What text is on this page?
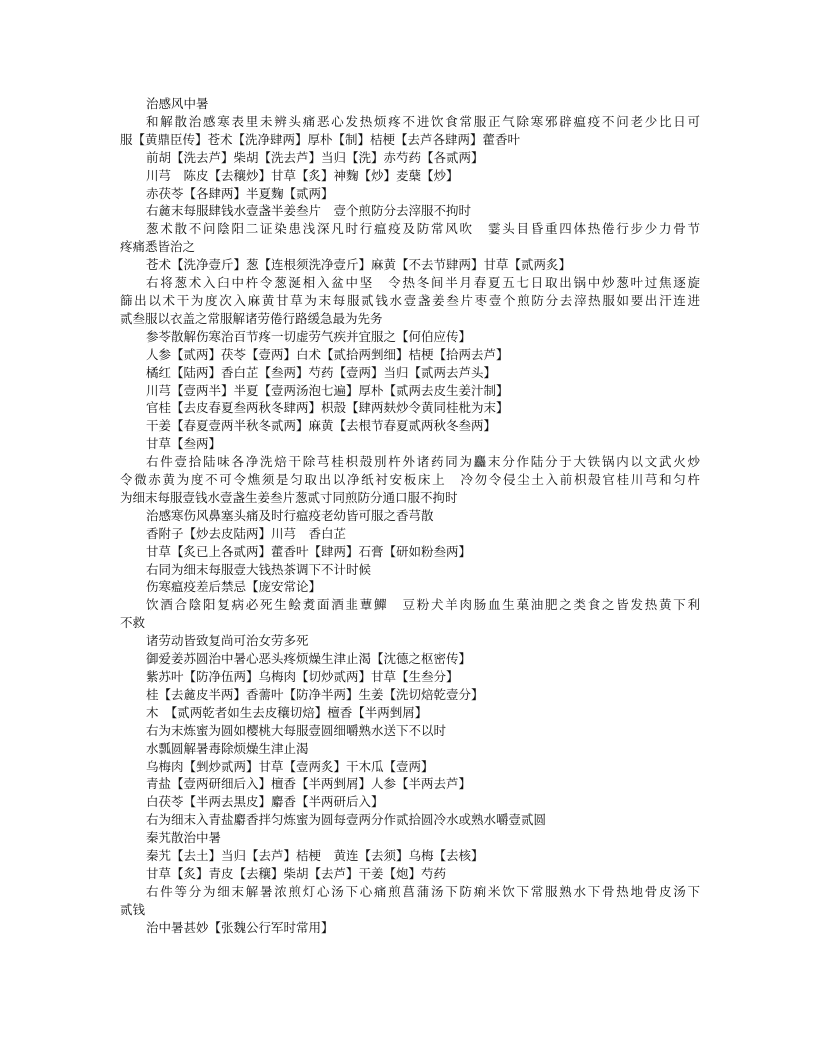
治感风中暑

和解散治感寒表里未辨头痛恶心发热烦疼不进饮食常服正气除寒邪辟瘟疫不问老少比日可

服【黄鼎臣传】苍术【洗净肆两】厚朴【制】桔梗【去芦各肆两】藿香叶

前胡【洗去芦】柴胡【洗去芦】当归【洗】赤芍药【各贰两】

川芎　陈皮【去穰炒】甘草【炙】神麴【炒】麦蘖【炒】

赤茯苓【各肆两】半夏麴【贰两】

右麄末每服肆钱水壹盏半姜叁片　壹个煎防分去滓服不拘时

葱术散不问陰阳二证染患浅深凡时行瘟疫及防常风吹　霎头目昏重四体热倦行步少力骨节

疼痛悉皆治之

苍术【洗净壹斤】葱【连根须洗净壹斤】麻黄【不去节肆两】甘草【贰两炙】

右将葱术入臼中杵令葱涎相入盆中坚　令热冬间半月春夏五七日取出锅中炒葱叶过焦逐旋

篩出以术干为度次入麻黄甘草为末每服贰钱水壹盏姜叁片枣壹个煎防分去滓热服如要出汗连进

贰叁服以衣盖之常服解诸劳倦行路缓急最为先务

参苓散解伤寒治百节疼一切虚劳气疾并宜服之【何伯应传】

人参【贰两】茯苓【壹两】白术【贰拾两剉细】桔梗【拾两去芦】

橘红【陆两】香白芷【叁两】芍药【壹两】当归【贰两去芦头】

川芎【壹两半】半夏【壹两汤泡七遍】厚朴【贰两去皮生姜汁制】

官桂【去皮春夏叁两秋冬肆两】枳殻【肆两麸炒令黄同桂枇为末】

干姜【春夏壹两半秋冬贰两】麻黄【去根节春夏贰两秋冬叁两】

甘草【叁两】

右件壹拾陆味各净洗焙干除芎桂枳殻別杵外诸药同为麤末分作陆分于大铁锅内以文武火炒

令微赤黄为度不可令燋须是匀取出以净纸衬安板床上　冷勿令侵尘土入前枳殻官桂川芎和匀杵

为细末每服壹钱水壹盏生姜叁片葱贰寸同煎防分通口服不拘时

治感寒伤风鼻塞头痛及时行瘟疫老幼皆可服之香芎散

香附子【炒去皮陆两】川芎　香白芷

甘草【炙已上各贰两】藿香叶【肆两】石膏【研如粉叁两】

右同为细末每服壹大钱热茶调下不计时候

伤寒瘟疫差后禁忌【庞安常论】

饮酒合陰阳复病必死生鲙煑面酒韭蕈鱓　豆粉犬羊肉肠血生菓油肥之类食之皆发热黄下利

不救

诸劳动皆致复尚可治女劳多死

御爱姜苏圆治中暑心恶头疼烦燥生津止渴【沈德之枢密传】

紫苏叶【防净伍两】乌梅肉【切炒贰两】甘草【生叁分】

桂【去麄皮半两】香薷叶【防净半两】生姜【洗切焙乾壹分】

木　【贰两乾者如生去皮穰切焙】檀香【半两剉屑】

右为末炼蜜为圆如樱桃大每服壹圆细嚼熟水送下不以时

水瓢圆解暑毒除烦燥生津止渴

乌梅肉【剉炒贰两】甘草【壹两炙】干木瓜【壹两】

青盐【壹两研细后入】檀香【半两剉屑】人参【半两去芦】

白茯苓【半两去黒皮】麝香【半两研后入】

右为细末入青盐麝香拌匀炼蜜为圆每壹两分作贰拾圆冷水或熟水嚼壹贰圆

秦艽散治中暑

秦艽【去土】当归【去芦】桔梗　黄连【去须】乌梅【去核】

甘草【炙】青皮【去穰】柴胡【去芦】干姜【炮】芍药

右件等分为细末解暑浓煎灯心汤下心痛煎菖蒲汤下防痢米饮下常服熟水下骨热地骨皮汤下

贰钱

治中暑甚妙【张魏公行军时常用】
